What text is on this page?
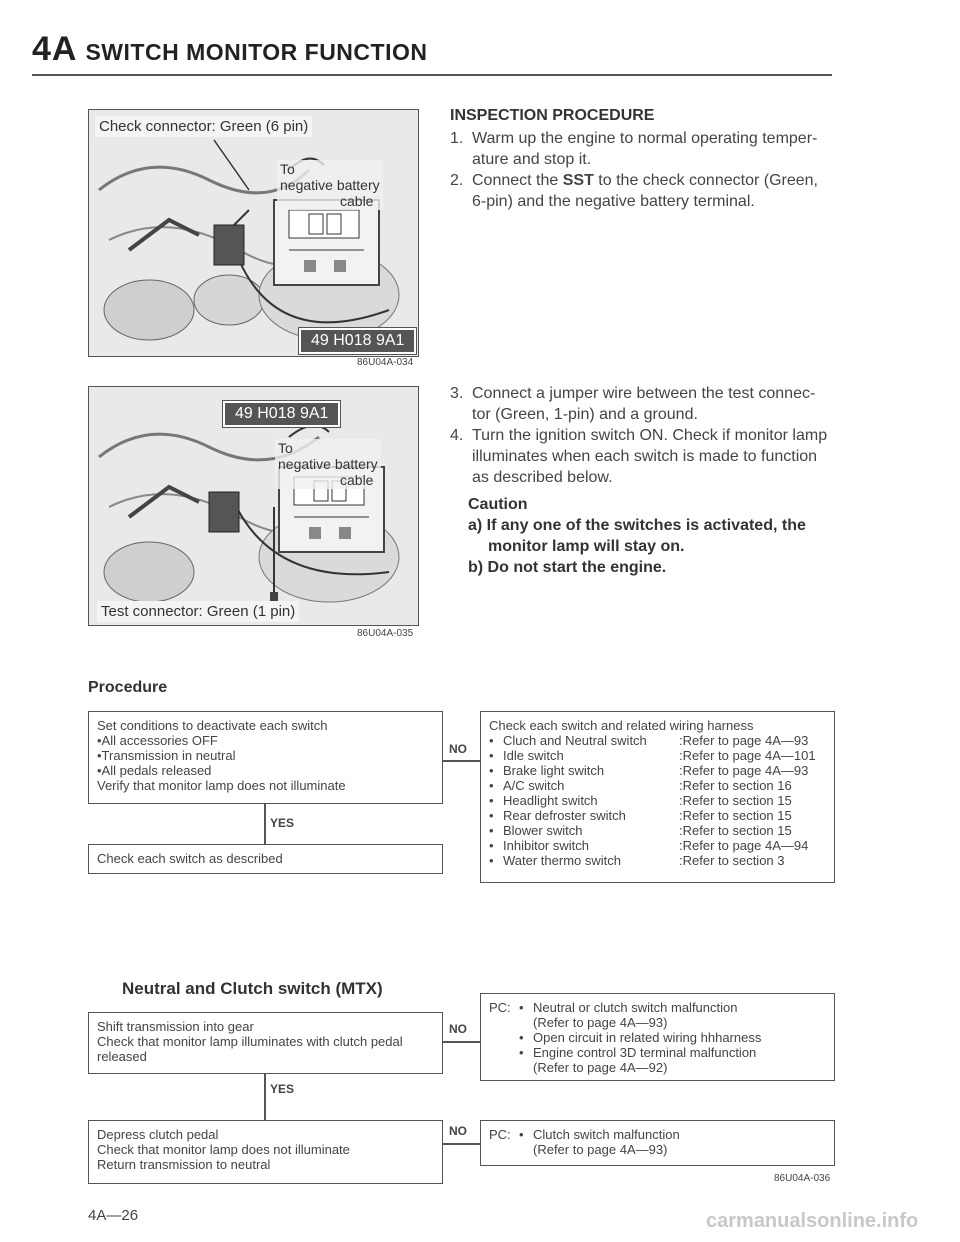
4A SWITCH MONITOR FUNCTION
Check connector: Green (6 pin)
To
negative battery
cable
49 H018 9A1
86U04A-034
49 H018 9A1
To
negative battery
cable
Test connector: Green (1 pin)
86U04A-035
INSPECTION PROCEDURE
1. Warm up the engine to normal operating temper-
ature and stop it.
2. Connect the SST to the check connector (Green,
6-pin) and the negative battery terminal.
3. Connect a jumper wire between the test connec-
tor (Green, 1-pin) and a ground.
4. Turn the ignition switch ON. Check if monitor lamp
illuminates when each switch is made to function
as described below.
Caution
a) If any one of the switches is activated, the
monitor lamp will stay on.
b) Do not start the engine.
Procedure
Set conditions to deactivate each switch
•All accessories OFF
•Transmission in neutral
•All pedals released
Verify that monitor lamp does not illuminate
YES
Check each switch as described
NO
Check each switch and related wiring harness
• Cluch and Neutral switch	:Refer to page 4A—93
• Idle switch	:Refer to page 4A—101
• Brake light switch	:Refer to page 4A—93
• A/C switch	:Refer to section 16
• Headlight switch	:Refer to section 15
• Rear defroster switch	:Refer to section 15
• Blower switch	:Refer to section 15
• Inhibitor switch	:Refer to page 4A—94
• Water thermo switch	:Refer to section 3
Neutral and Clutch switch (MTX)
Shift transmission into gear
Check that monitor lamp illuminates with clutch pedal
released
YES
Depress clutch pedal
Check that monitor lamp does not illuminate
Return transmission to neutral
NO
NO
PC: • Neutral or clutch switch malfunction
(Refer to page 4A—93)
• Open circuit in related wiring hhharness
• Engine control 3D terminal malfunction
(Refer to page 4A—92)
PC: • Clutch switch malfunction
(Refer to page 4A—93)
86U04A-036
4A—26	carmanualsonline.info
